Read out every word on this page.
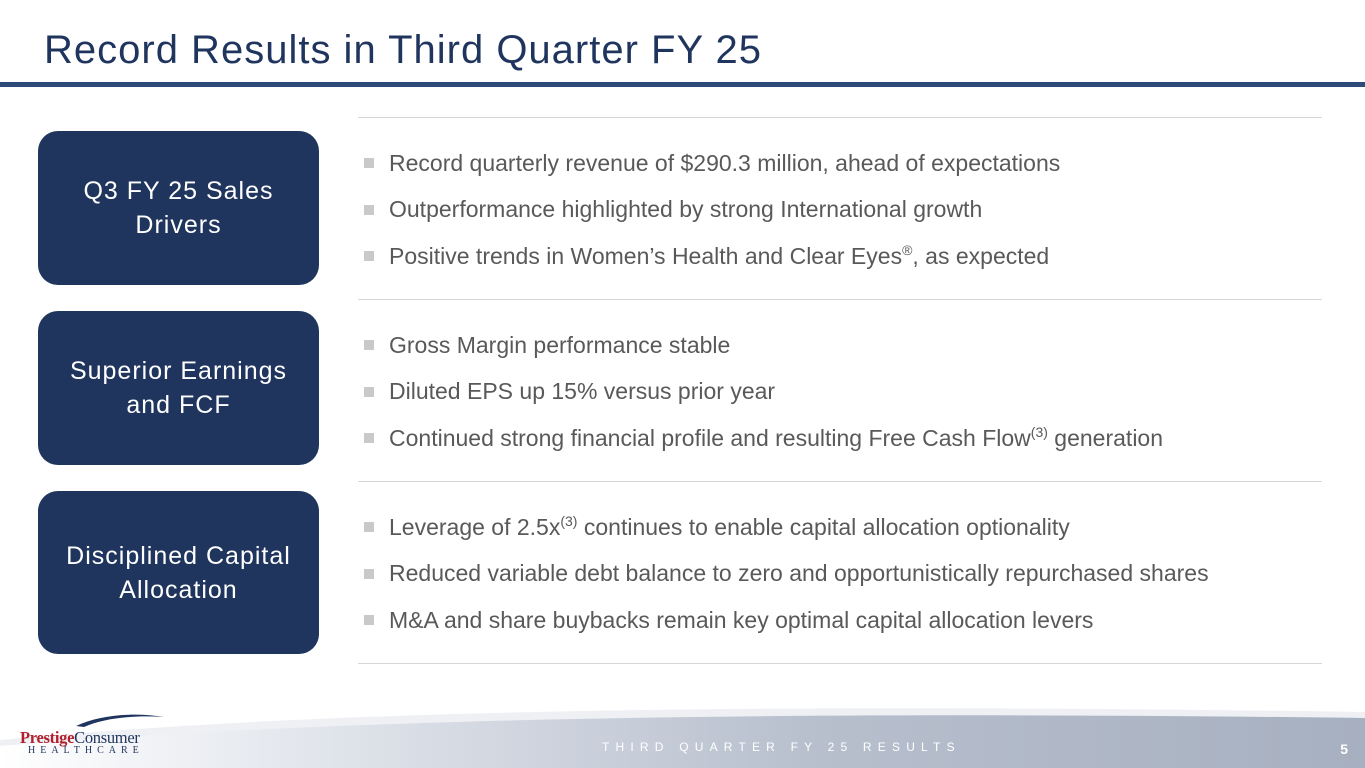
Record Results in Third Quarter FY 25
Q3 FY 25 Sales
Drivers
Record quarterly revenue of $290.3 million, ahead of expectations
Outperformance highlighted by strong International growth
Positive trends in Women’s Health and Clear Eyes®, as expected
Superior Earnings
and FCF
Gross Margin performance stable
Diluted EPS up 15% versus prior year
Continued strong financial profile and resulting Free Cash Flow$^{(3)}$ generation
Disciplined Capital
Allocation
Leverage of $2.5x^{(3)}$ continues to enable capital allocation optionality
Reduced variable debt balance to zero and opportunistically repurchased shares
M&A and share buybacks remain key optimal capital allocation levers
PrestigeConsumer
HEALTHCARE	THIRD QUARTER FY 25 RESULTS	5
